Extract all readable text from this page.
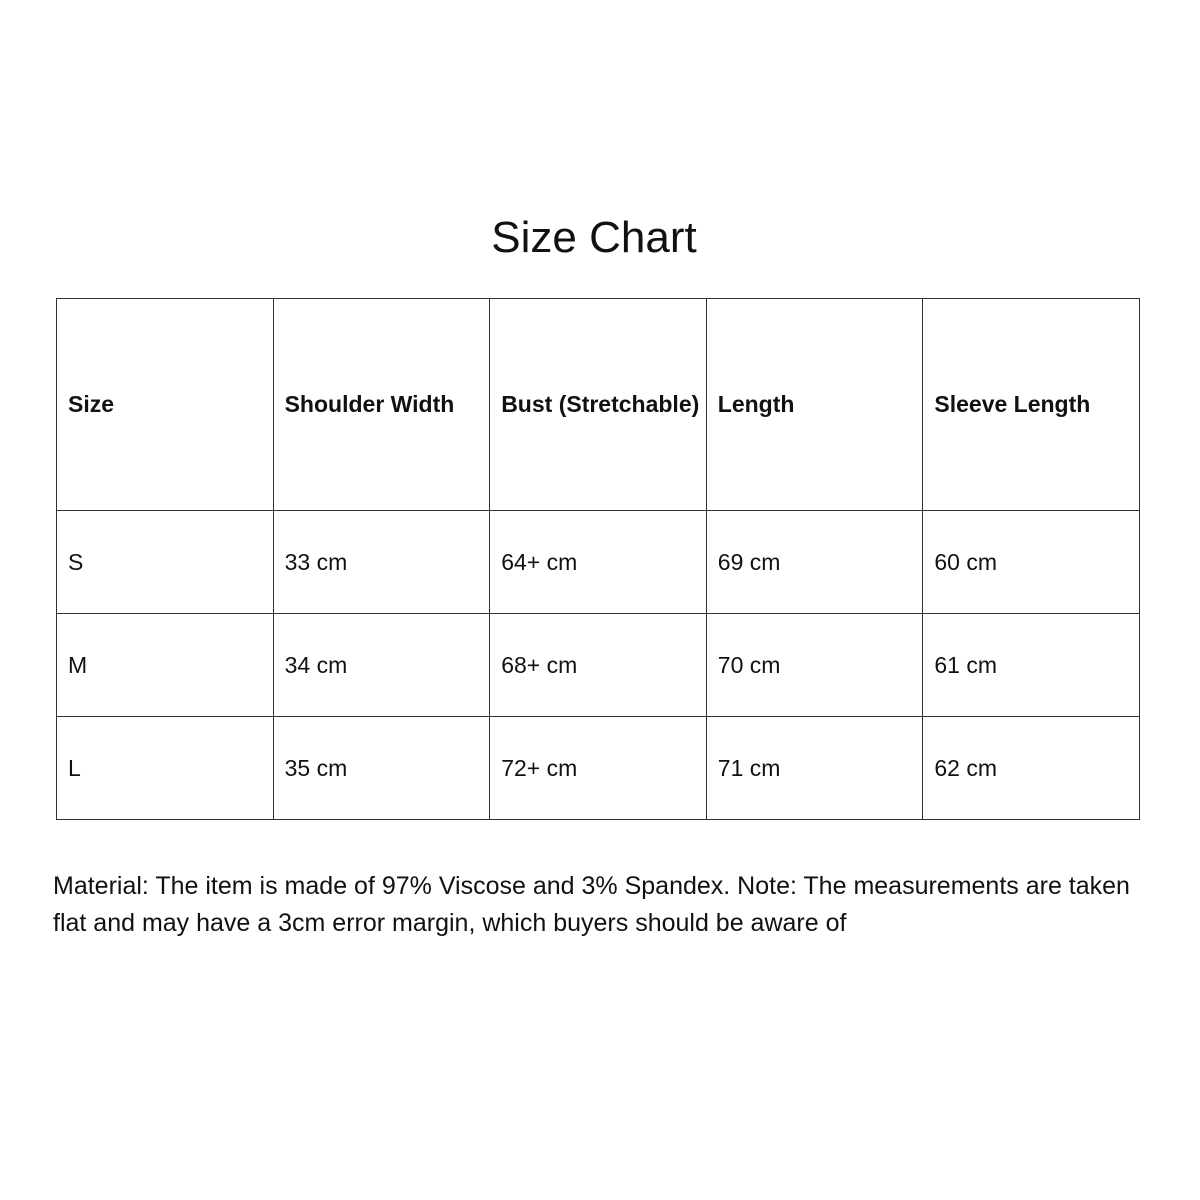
Size Chart
Size	Shoulder Width	Bust (Stretchable)	Length	Sleeve Length
S	33 cm	64+ cm	69 cm	60 cm
M	34 cm	68+ cm	70 cm	61 cm
L	35 cm	72+ cm	71 cm	62 cm

Material: The item is made of 97% Viscose and 3% Spandex. Note: The measurements are taken flat and may have a 3cm error margin, which buyers should be aware of
